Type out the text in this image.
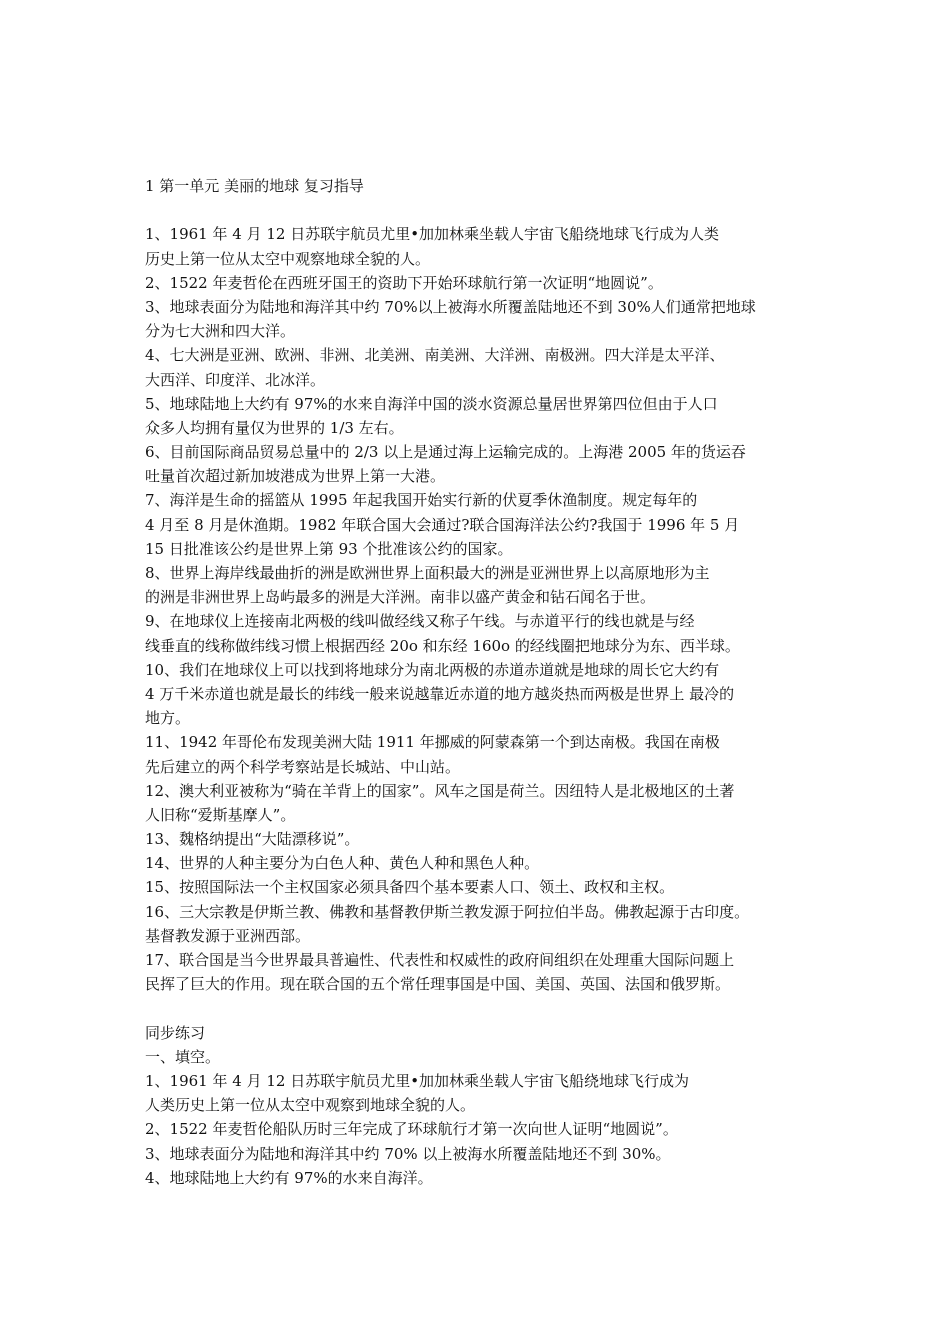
1 第一单元 美丽的地球 复习指导
1、1961 年 4 月 12 日苏联宇航员尤里•加加林乘坐载人宇宙飞船绕地球飞行成为人类
历史上第一位从太空中观察地球全貌的人。
2、1522 年麦哲伦在西班牙国王的资助下开始环球航行第一次证明“地圆说”。
3、地球表面分为陆地和海洋其中约 70%以上被海水所覆盖陆地还不到 30%人们通常把地球
分为七大洲和四大洋。
4、七大洲是亚洲、欧洲、非洲、北美洲、南美洲、大洋洲、南极洲。四大洋是太平洋、
大西洋、印度洋、北冰洋。
5、地球陆地上大约有 97%的水来自海洋中国的淡水资源总量居世界第四位但由于人口
众多人均拥有量仅为世界的 1/3 左右。
6、目前国际商品贸易总量中的 2/3 以上是通过海上运输完成的。上海港 2005 年的货运吞
吐量首次超过新加坡港成为世界上第一大港。
7、海洋是生命的摇篮从 1995 年起我国开始实行新的伏夏季休渔制度。规定每年的
4 月至 8 月是休渔期。1982 年联合国大会通过?联合国海洋法公约?我国于 1996 年 5 月
15 日批准该公约是世界上第 93 个批准该公约的国家。
8、世界上海岸线最曲折的洲是欧洲世界上面积最大的洲是亚洲世界上以高原地形为主
的洲是非洲世界上岛屿最多的洲是大洋洲。南非以盛产黄金和钻石闻名于世。
9、在地球仪上连接南北两极的线叫做经线又称子午线。与赤道平行的线也就是与经
线垂直的线称做纬线习惯上根据西经 20o 和东经 160o 的经线圈把地球分为东、西半球。
10、我们在地球仪上可以找到将地球分为南北两极的赤道赤道就是地球的周长它大约有
4 万千米赤道也就是最长的纬线一般来说越靠近赤道的地方越炎热而两极是世界上 最冷的
地方。
11、1942 年哥伦布发现美洲大陆 1911 年挪威的阿蒙森第一个到达南极。我国在南极
先后建立的两个科学考察站是长城站、中山站。
12、澳大利亚被称为“骑在羊背上的国家”。风车之国是荷兰。因纽特人是北极地区的土著
人旧称“爱斯基摩人”。
13、魏格纳提出“大陆漂移说”。
14、世界的人种主要分为白色人种、黄色人种和黑色人种。
15、按照国际法一个主权国家必须具备四个基本要素人口、领土、政权和主权。
16、三大宗教是伊斯兰教、佛教和基督教伊斯兰教发源于阿拉伯半岛。佛教起源于古印度。
基督教发源于亚洲西部。
17、联合国是当今世界最具普遍性、代表性和权威性的政府间组织在处理重大国际问题上
民挥了巨大的作用。现在联合国的五个常任理事国是中国、美国、英国、法国和俄罗斯。
同步练习
一、填空。
1、1961 年 4 月 12 日苏联宇航员尤里•加加林乘坐载人宇宙飞船绕地球飞行成为
人类历史上第一位从太空中观察到地球全貌的人。
2、1522 年麦哲伦船队历时三年完成了环球航行才第一次向世人证明“地圆说”。
3、地球表面分为陆地和海洋其中约 70% 以上被海水所覆盖陆地还不到 30%。
4、地球陆地上大约有 97%的水来自海洋。
